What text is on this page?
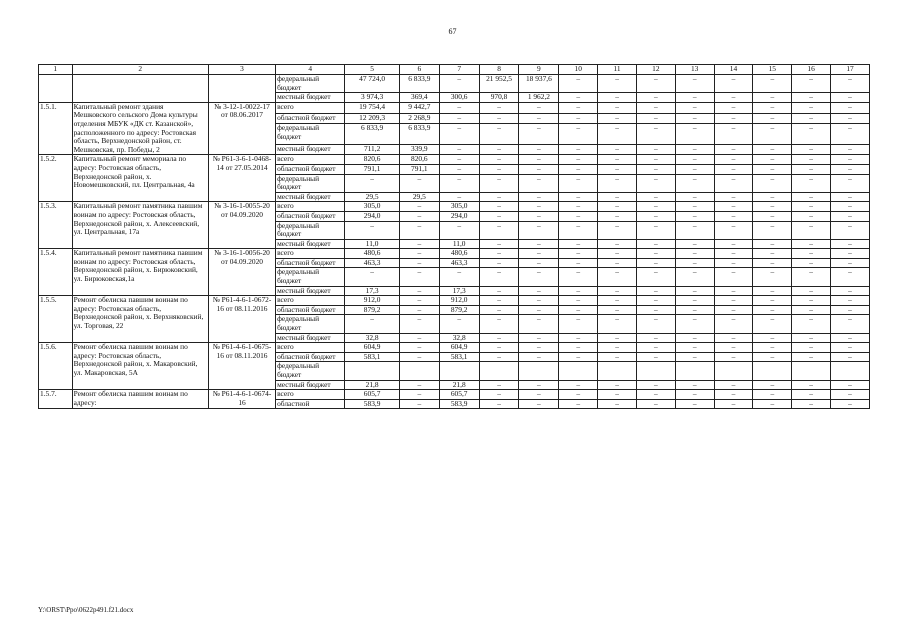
67
1	2	3	4	5	6	7	8	9	10	11	12	13	14	15	16	17
			федеральный бюджет	47 724,0	6 833,9	–	21 952,5	18 937,6	–	–	–	–	–	–	–	–
			местный бюджет	3 974,3	369,4	300,6	970,8	1 962,2	–	–	–	–	–	–	–	–
1.5.1.	Капитальный ремонт здания Мешковского сельского Дома культуры отделения МБУК «ДК ст. Казанской», расположенного по адресу: Ростовская область, Верхнедонской район, ст. Мешковская, пр. Победы, 2	№ 3-12-1-0022-17 от 08.06.2017	всего	19 754,4	9 442,7	–	–	–	–	–	–	–	–	–	–	–
			областной бюджет	12 209,3	2 268,9	–	–	–	–	–	–	–	–	–	–	–
			федеральный бюджет	6 833,9	6 833,9	–	–	–	–	–	–	–	–	–	–	–
			местный бюджет	711,2	339,9	–	–	–	–	–	–	–	–	–	–	–
1.5.2.	Капитальный ремонт мемориала по адресу: Ростовская область, Верхнедонской район, х. Новомешковский, пл. Центральная, 4а	№ Р61-3-6-1-0468-14 от 27.05.2014	всего	820,6	820,6	–	–	–	–	–	–	–	–	–	–	–
			областной бюджет	791,1	791,1	–	–	–	–	–	–	–	–	–	–	–
			федеральный бюджет	–	–	–	–	–	–	–	–	–	–	–	–	–
			местный бюджет	29,5	29,5	–	–	–	–	–	–	–	–	–	–	–
1.5.3.	Капитальный ремонт памятника павшим воинам по адресу: Ростовская область, Верхнедонской район, х. Алексеевский, ул. Центральная, 17а	№ 3-16-1-0055-20 от 04.09.2020	всего	305,0	–	305,0	–	–	–	–	–	–	–	–	–	–
			областной бюджет	294,0	–	294,0	–	–	–	–	–	–	–	–	–	–
			федеральный бюджет	–	–	–	–	–	–	–	–	–	–	–	–	–
			местный бюджет	11,0	–	11,0	–	–	–	–	–	–	–	–	–	–
1.5.4.	Капитальный ремонт памятника павшим воинам по адресу: Ростовская область, Верхнедонской район, х. Бирюковский, ул. Бирюковская,1а	№ 3-16-1-0056-20 от 04.09.2020	всего	480,6	–	480,6	–	–	–	–	–	–	–	–	–	–
			областной бюджет	463,3	–	463,3	–	–	–	–	–	–	–	–	–	–
			федеральный бюджет	–	–	–	–	–	–	–	–	–	–	–	–	–
			местный бюджет	17,3	–	17,3	–	–	–	–	–	–	–	–	–	–
1.5.5.	Ремонт обелиска павшим воинам по адресу: Ростовская область, Верхнедонской район, х. Верхняковский, ул. Торговая, 22	№ Р61-4-6-1-0672-16 от 08.11.2016	всего	912,0	–	912,0	–	–	–	–	–	–	–	–	–	–
			областной бюджет	879,2	–	879,2	–	–	–	–	–	–	–	–	–	–
			федеральный бюджет	–	–	–	–	–	–	–	–	–	–	–	–	–
			местный бюджет	32,8	–	32,8	–	–	–	–	–	–	–	–	–	–
1.5.6.	Ремонт обелиска павшим воинам по адресу: Ростовская область, Верхнедонской район, х. Макаровский, ул. Макаровская, 5А	№ Р61-4-6-1-0675-16 от 08.11.2016	всего	604,9	–	604,9	–	–	–	–	–	–	–	–	–	–
			областной бюджет	583,1	–	583,1	–	–	–	–	–	–	–	–	–	–
			федеральный бюджет													
			местный бюджет	21,8	–	21,8	–	–	–	–	–	–	–	–	–	–
1.5.7.	Ремонт обелиска павшим воинам по адресу:	№ Р61-4-6-1-0674-16	всего	605,7	–	605,7	–	–	–	–	–	–	–	–	–	–
			областной	583,9	–	583,9	–	–	–	–	–	–	–	–	–	–
Y:\ORST\Ppo\0622p491.f21.docx
